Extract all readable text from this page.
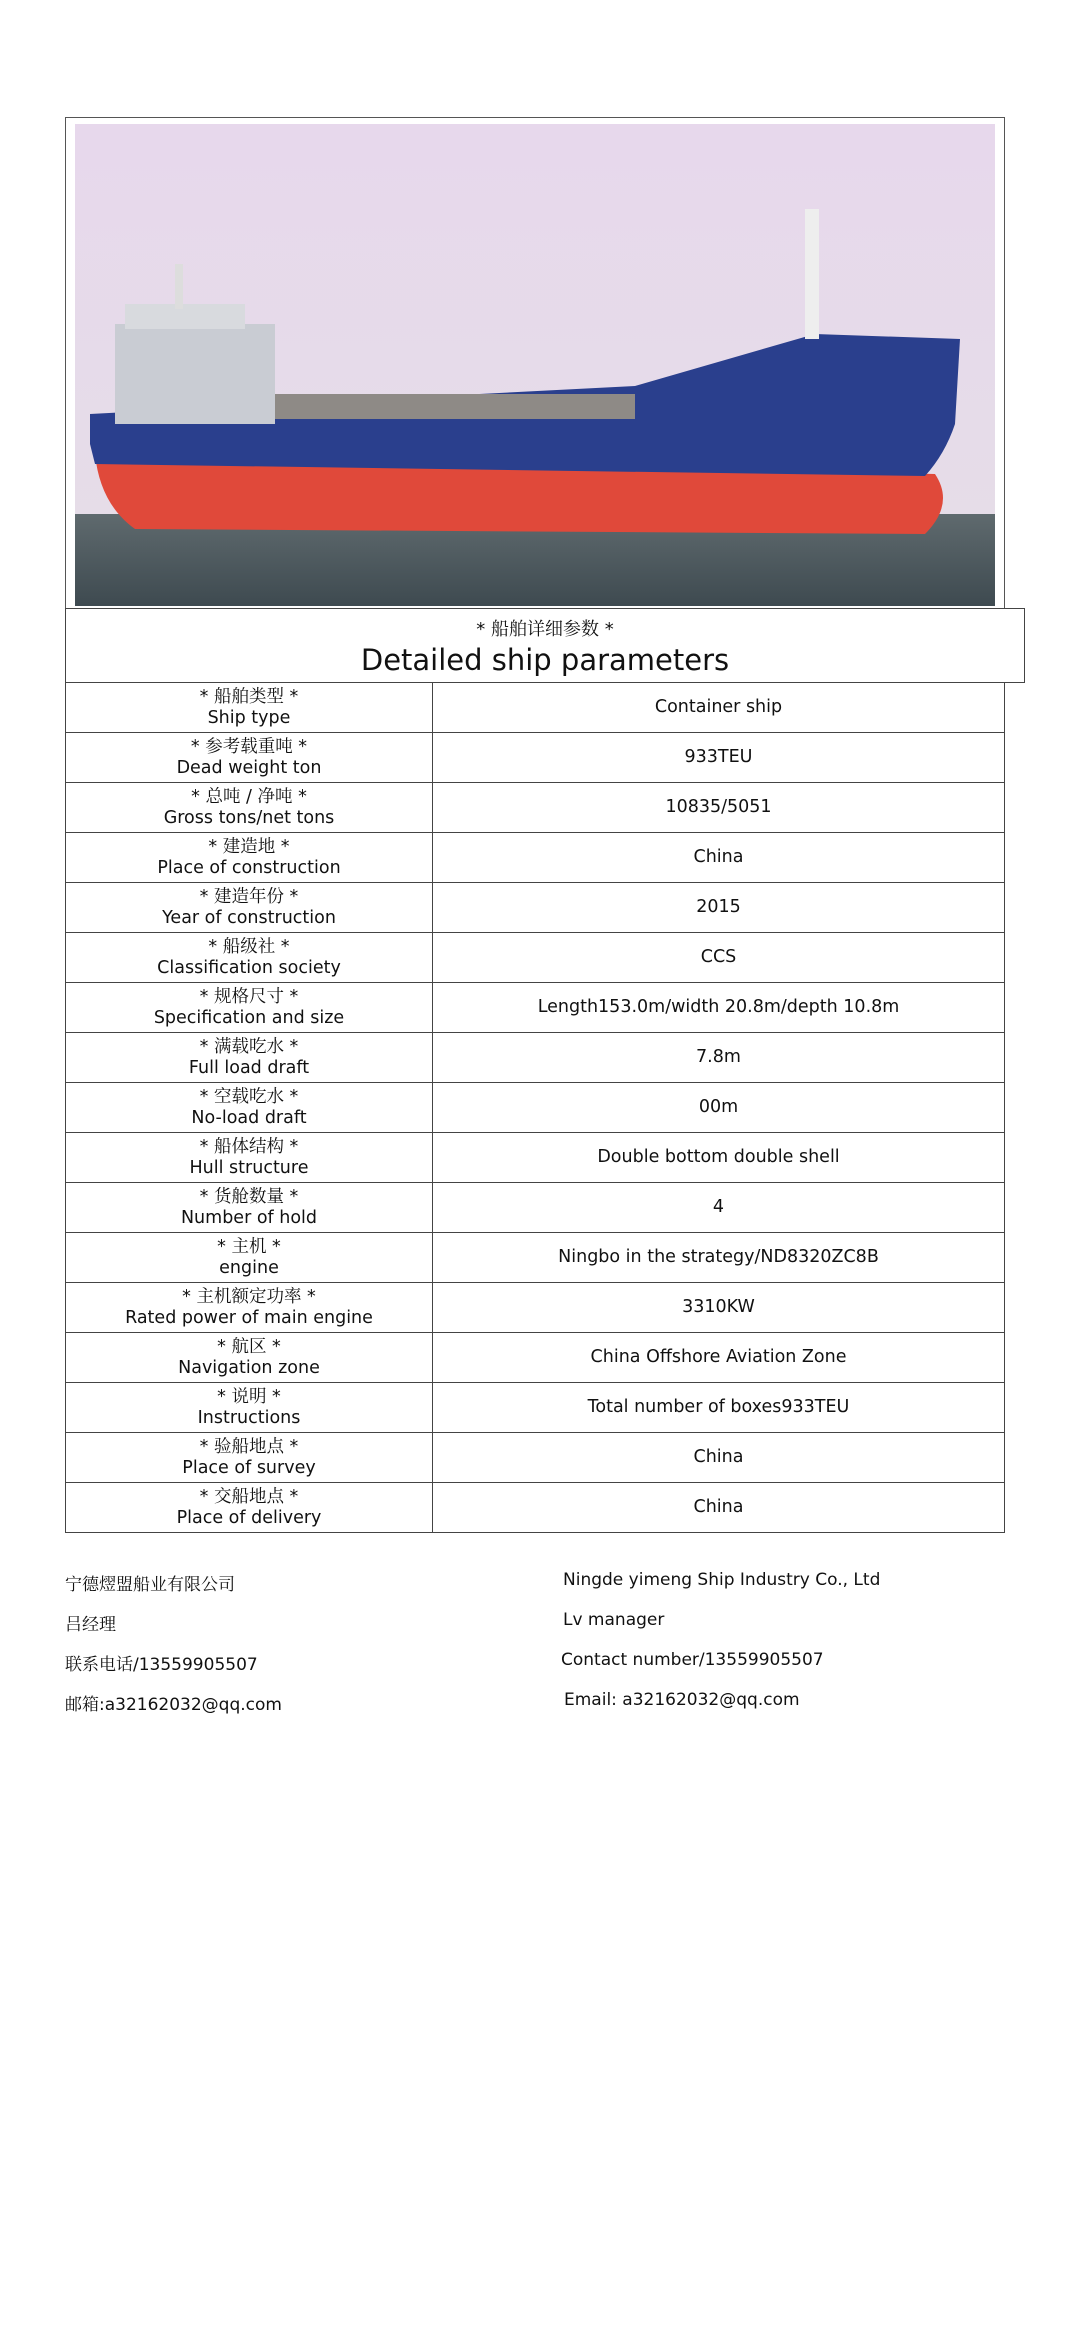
* 船舶详细参数 *
Detailed ship parameters
* 船舶类型 *
Ship type	Container ship

* 参考载重吨 *
Dead weight ton	933TEU

* 总吨 / 净吨 *
Gross tons/net tons	10835/5051

* 建造地 *
Place of construction	China

* 建造年份 *
Year of construction	2015

* 船级社 *
Classification society	CCS

* 规格尺寸 *
Specification and size	Length153.0m/width 20.8m/depth 10.8m

* 满载吃水 *
Full load draft	7.8m

* 空载吃水 *
No-load draft	00m

* 船体结构 *
Hull structure	Double bottom double shell

* 货舱数量 *
Number of hold	4

* 主机 *
engine	Ningbo in the strategy/ND8320ZC8B

* 主机额定功率 *
Rated power of main engine	3310KW

* 航区 *
Navigation zone	China Offshore Aviation Zone

* 说明 *
Instructions	Total number of boxes933TEU

* 验船地点 *
Place of survey	China

* 交船地点 *
Place of delivery	China
宁德熤盟船业有限公司	Ningde yimeng Ship Industry Co., Ltd
吕经理	Lv manager
联系电话/13559905507	Contact number/13559905507
邮箱:a32162032@qq.com	Email: a32162032@qq.com
